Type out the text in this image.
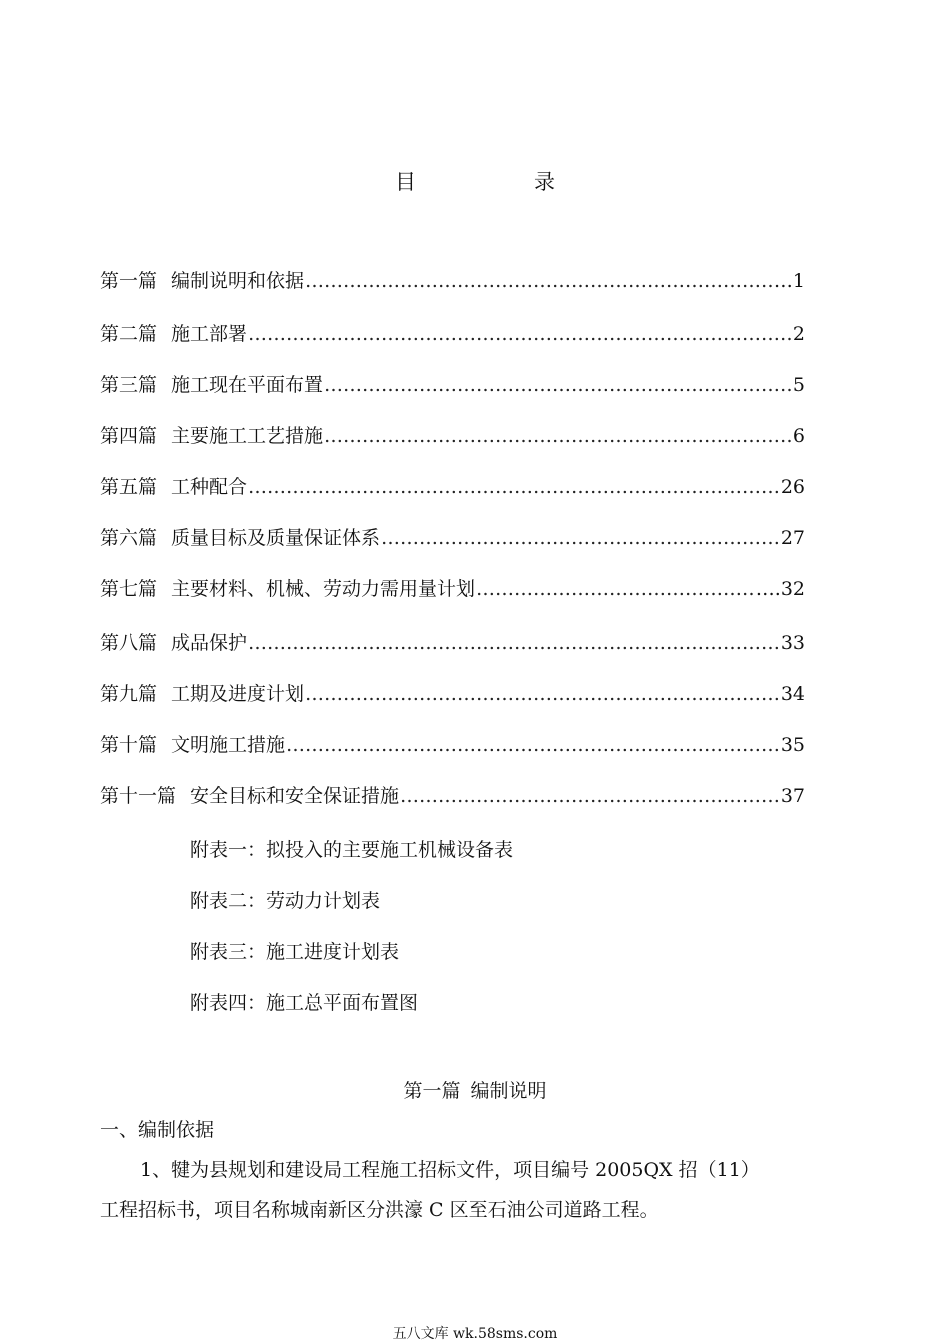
目	录
第一篇 编制说明和依据 ……………………………………………………………………………………………………………………………………………………………………………………	…1
第二篇 施工部署 ……………………………………………………………………………………………………………………………………………………………………………………	2
第三篇 施工现在平面布置 ……………………………………………………………………………………………………………………………………………………………………………………	5
第四篇 主要施工工艺措施 ……………………………………………………………………………………………………………………………………………………………………………………	6
第五篇 工种配合 ……………………………………………………………………………………………………………………………………………………………………………………	26
第六篇 质量目标及质量保证体系 ……………………………………………………………………………………………………………………………………………………………………………………	27
第七篇 主要材料、机械、劳动力需用量计划 ……………………………………………………………………………………………………………………………………………………………………………………	….32
第八篇 成品保护 ……………………………………………………………………………………………………………………………………………………………………………………	33
第九篇 工期及进度计划 ……………………………………………………………………………………………………………………………………………………………………………………	34
第十篇 文明施工措施 ……………………………………………………………………………………………………………………………………………………………………………………	35
第十一篇 安全目标和安全保证措施 ……………………………………………………………………………………………………………………………………………………………………………………	37
附表一：拟投入的主要施工机械设备表
附表二：劳动力计划表
附表三：施工进度计划表
附表四：施工总平面布置图
第一篇 编制说明
一、编制依据
1、犍为县规划和建设局工程施工招标文件，项目编号 2005QX 招（11）
工程招标书，项目名称城南新区分洪濠 C 区至石油公司道路工程。
五八文库 wk.58sms.com
